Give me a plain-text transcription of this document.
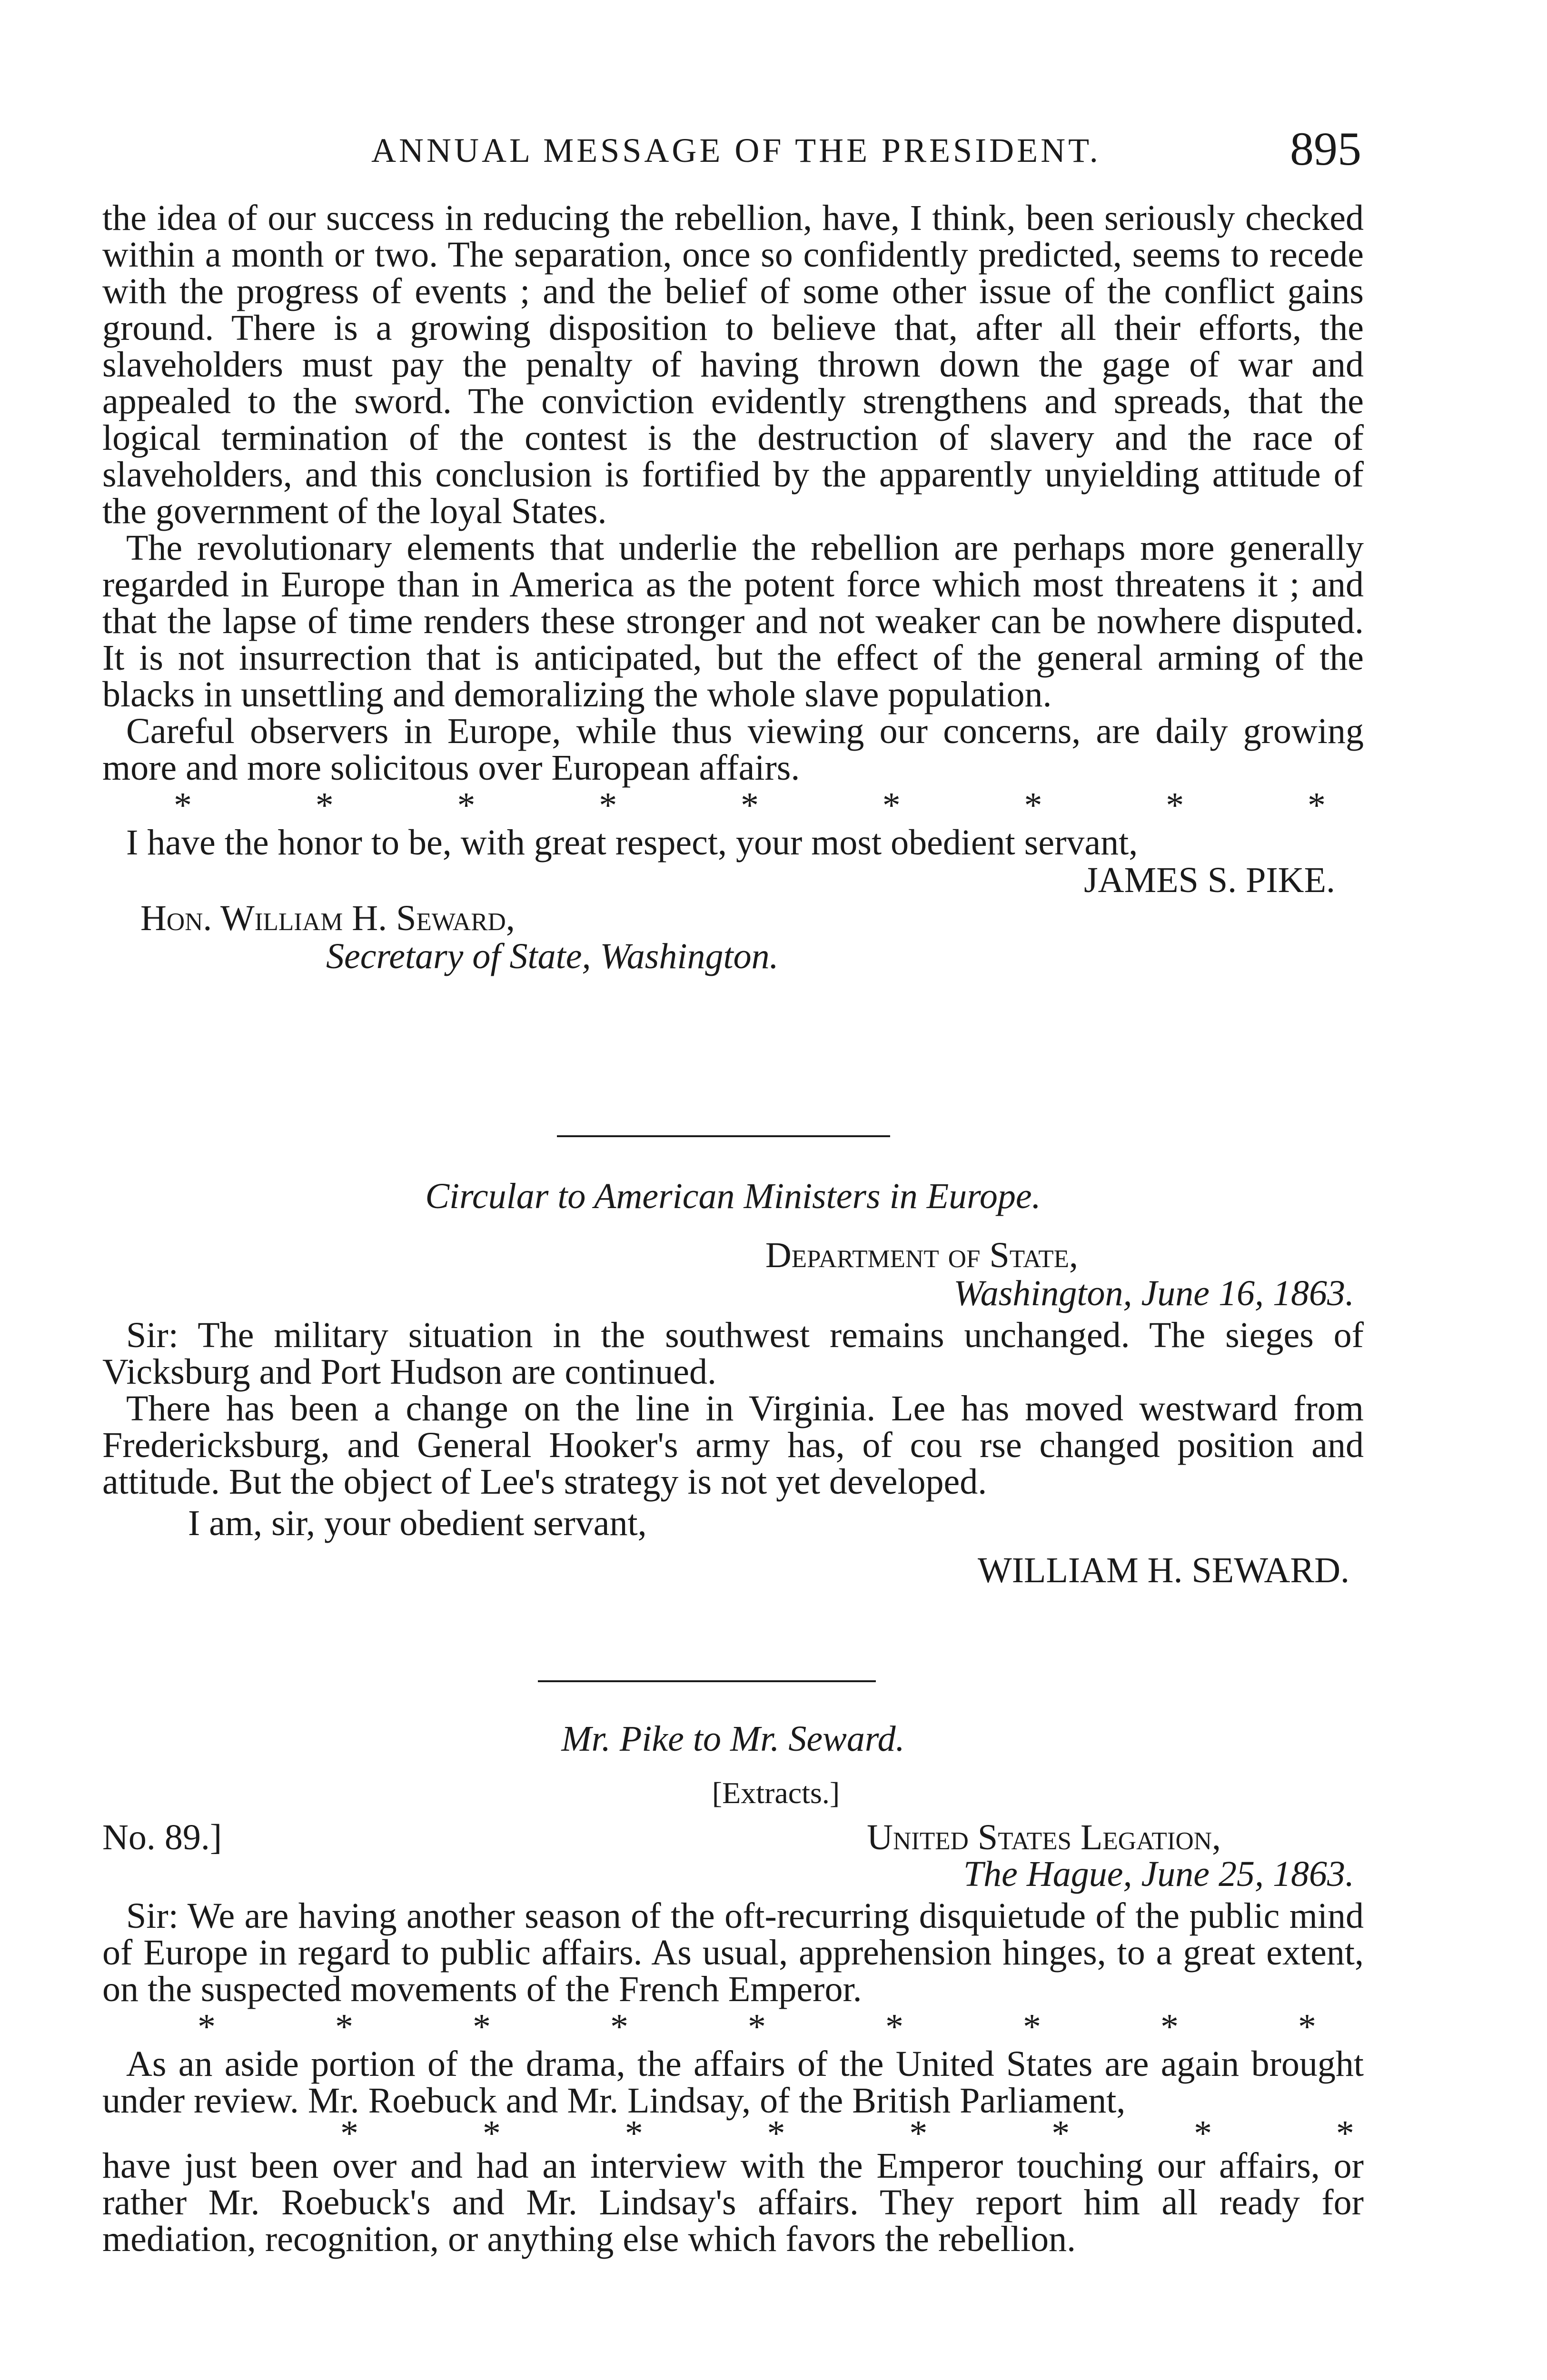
ANNUAL MESSAGE OF THE PRESIDENT.	895

the idea of our success in reducing the rebellion, have, I think, been seriously checked within a month or two. The separation, once so confidently predicted, seems to recede with the progress of events ; and the belief of some other issue of the conflict gains ground. There is a growing disposition to believe that, after all their efforts, the slaveholders must pay the penalty of having thrown down the gage of war and appealed to the sword. The conviction evidently strengthens and spreads, that the logical termination of the contest is the destruction of slavery and the race of slaveholders, and this conclusion is fortified by the apparently unyielding attitude of the government of the loyal States.

The revolutionary elements that underlie the rebellion are perhaps more generally regarded in Europe than in America as the potent force which most threatens it ; and that the lapse of time renders these stronger and not weaker can be nowhere disputed. It is not insurrection that is anticipated, but the effect of the general arming of the blacks in unsettling and demoralizing the whole slave population.

Careful observers in Europe, while thus viewing our concerns, are daily growing more and more solicitous over European affairs.

*	*	*	*	*	*	*	*	*

I have the honor to be, with great respect, your most obedient servant,

JAMES S. PIKE.
Hon. William H. Seward,
Secretary of State, Washington.
Circular to American Ministers in Europe.
Department of State,
Washington, June 16, 1863.

Sir: The military situation in the southwest remains unchanged. The sieges of Vicksburg and Port Hudson are continued.

There has been a change on the line in Virginia. Lee has moved westward from Fredericksburg, and General Hooker's army has, of cou rse changed position and attitude. But the object of Lee's strategy is not yet developed.

I am, sir, your obedient servant,

WILLIAM H. SEWARD.
Mr. Pike to Mr. Seward.
[Extracts.]
No. 89.]	United States Legation,
The Hague, June 25, 1863.

Sir: We are having another season of the oft-recurring disquietude of the public mind of Europe in regard to public affairs. As usual, apprehension hinges, to a great extent, on the suspected movements of the French Emperor.

*	*	*	*	*	*	*	*	*

As an aside portion of the drama, the affairs of the United States are again brought under review. Mr. Roebuck and Mr. Lindsay, of the British Parliament,

*	*	*	*	*	*	*	*

have just been over and had an interview with the Emperor touching our affairs, or rather Mr. Roebuck's and Mr. Lindsay's affairs. They report him all ready for mediation, recognition, or anything else which favors the rebellion.
